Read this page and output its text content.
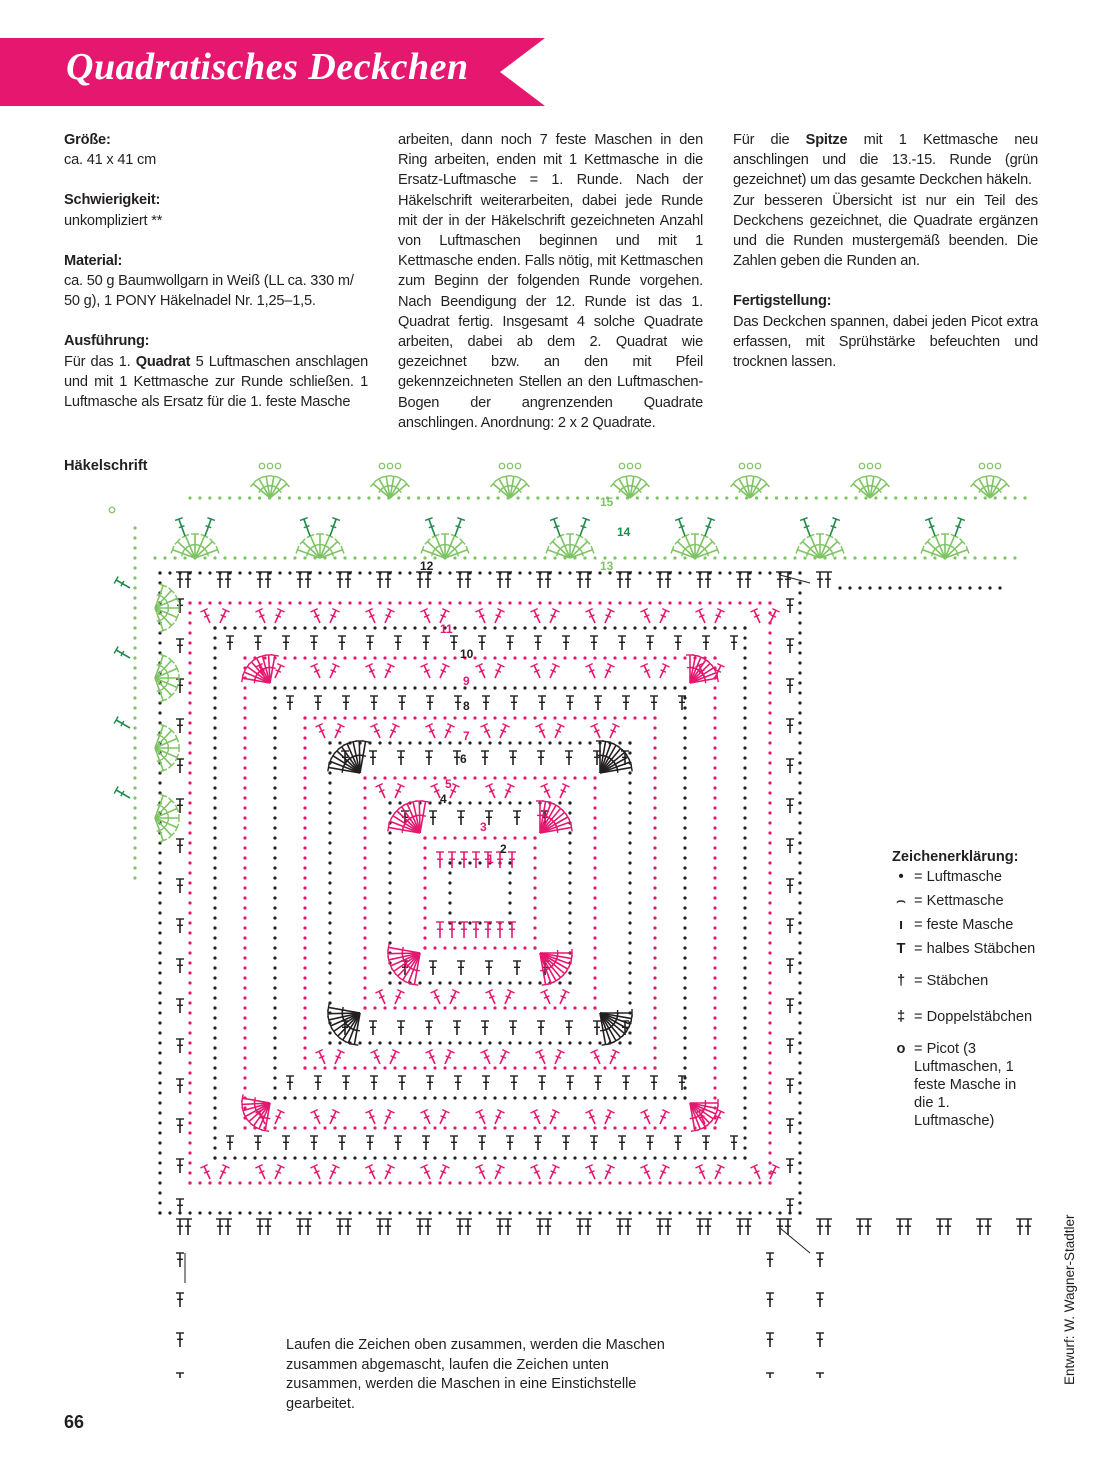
Quadratisches Deckchen

Größe:

ca. 41 x 41 cm

Schwierigkeit:

unkompliziert **

Material:

ca. 50 g Baumwollgarn in Weiß (LL ca. 330 m/

50 g), 1 PONY Häkelnadel Nr. 1,25–1,5.

Ausführung:

Für das 1. Quadrat 5 Luftmaschen anschlagen und mit 1 Kettmasche zur Runde schließen. 1 Luftmasche als Ersatz für die 1. feste Masche

arbeiten, dann noch 7 feste Maschen in den Ring arbeiten, enden mit 1 Kettmasche in die Ersatz-Luftmasche = 1. Runde. Nach der Häkelschrift weiterarbeiten, dabei jede Runde mit der in der Häkelschrift gezeichneten Anzahl von Luftmaschen beginnen und mit 1 Kettmasche enden. Falls nötig, mit Kettmaschen zum Beginn der folgenden Runde vorgehen. Nach Beendigung der 12. Runde ist das 1. Quadrat fertig. Insgesamt 4 solche Quadrate arbeiten, dabei ab dem 2. Quadrat wie gezeichnet bzw. an den mit Pfeil gekennzeichneten Stellen an den Luftmaschen-Bogen der angrenzenden Quadrate anschlingen. Anordnung: 2 x 2 Quadrate.

Für die Spitze mit 1 Kettmasche neu anschlingen und die 13.-15. Runde (grün gezeichnet) um das gesamte Deckchen häkeln.

Zur besseren Übersicht ist nur ein Teil des Deckchens gezeichnet, die Quadrate ergänzen und die Runden mustergemäß beenden. Die Zahlen geben die Runden an.

Fertigstellung:

Das Deckchen spannen, dabei jeden Picot extra erfassen, mit Sprühstärke befeuchten und trocknen lassen.

Häkelschrift
1
2
3
4
5
6
7
8
9
10
11
12	13
14
15
Zeichenerklärung:
• = Luftmasche
⌢ = Kettmasche
ı = feste Masche
T = halbes Stäbchen
† = Stäbchen
‡ = Doppelstäbchen
o = Picot (3 Luftmaschen, 1 feste Masche in die 1. Luftmasche)
Laufen die Zeichen oben zusammen, werden die Maschen zusammen abgemascht, laufen die Zeichen unten zusammen, werden die Maschen in eine Einstichstelle gearbeitet.
Entwurf: W. Wagner-Stadtler
66
